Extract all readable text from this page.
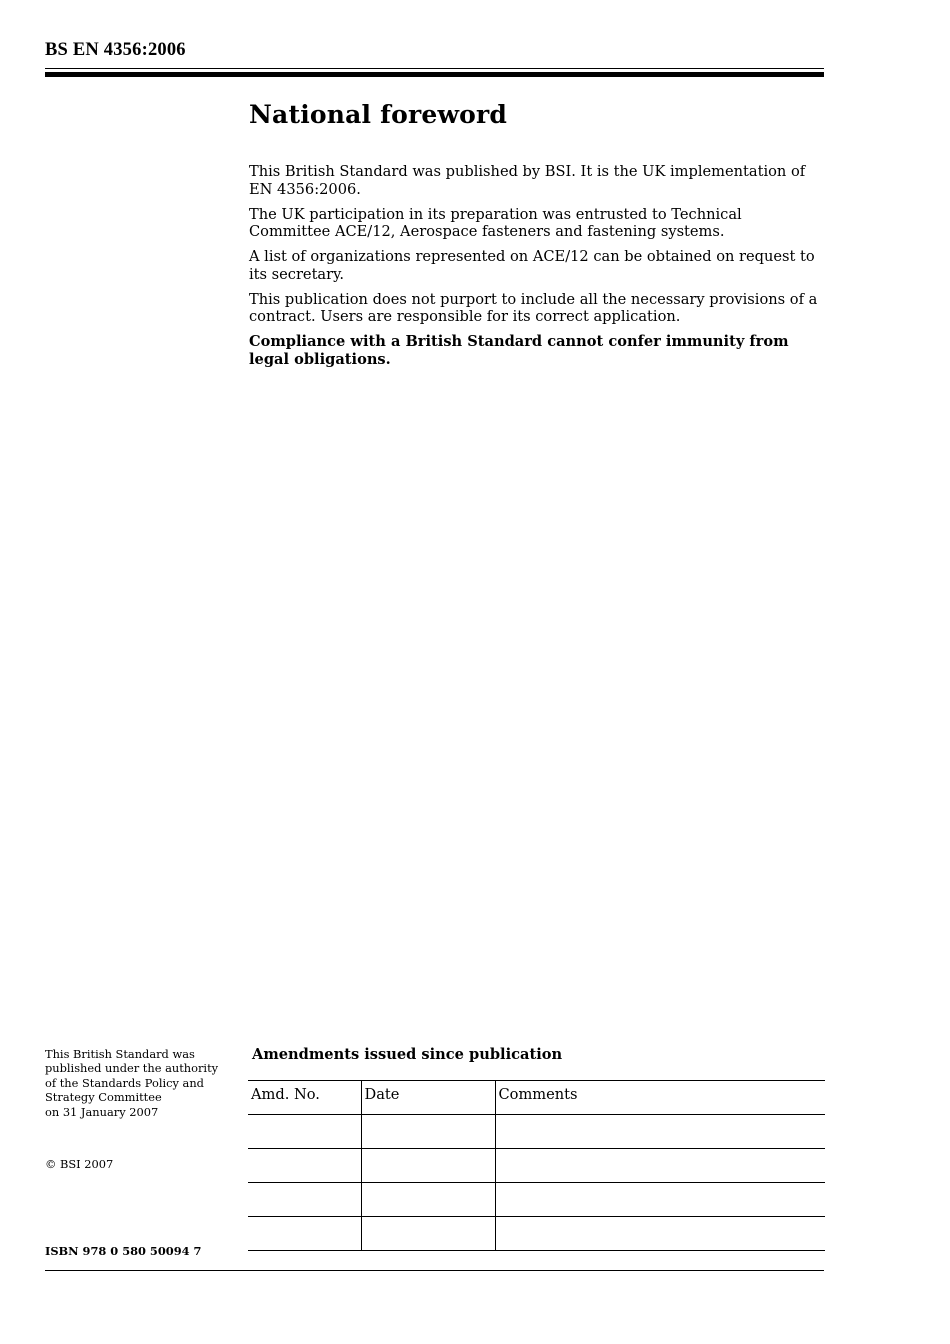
BS EN 4356:2006
National foreword

This British Standard was published by BSI. It is the UK implementation of EN 4356:2006.

The UK participation in its preparation was entrusted to Technical Committee ACE/12, Aerospace fasteners and fastening systems.

A list of organizations represented on ACE/12 can be obtained on request to its secretary.

This publication does not purport to include all the necessary provisions of a contract. Users are responsible for its correct application.

Compliance with a British Standard cannot confer immunity from legal obligations.

This British Standard was
published under the authority
of the Standards Policy and
Strategy Committee
on 31 January 2007
© BSI 2007
ISBN 978 0 580 50094 7
Amendments issued since publication
Amd. No.	Date	Comments
